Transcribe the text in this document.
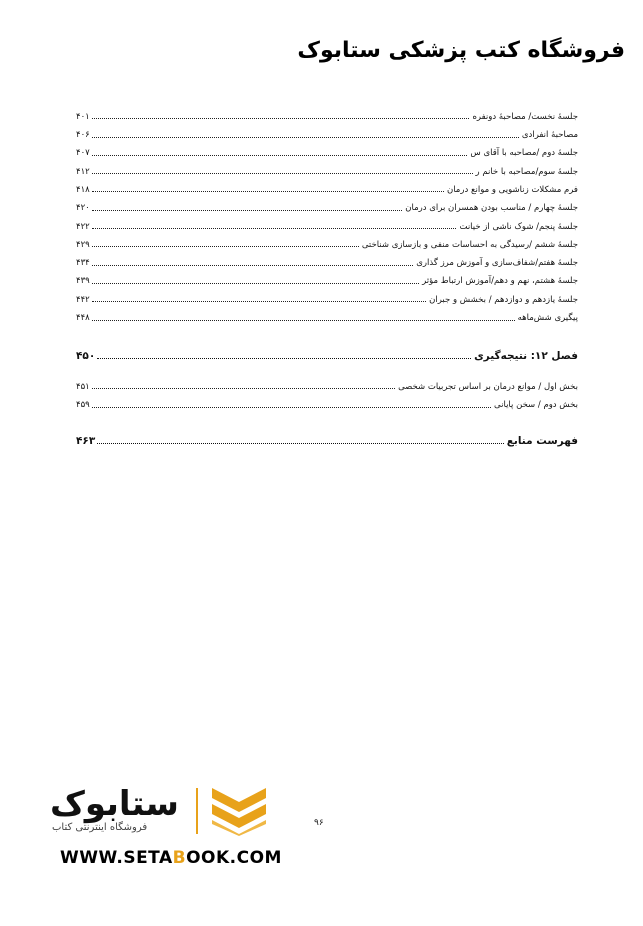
فروشگاه کتب پزشکی ستابوک
جلسهٔ نخست/ مصاحبهٔ دونفره
۴۰۱
مصاحبهٔ انفرادی
۴۰۶
جلسهٔ دوم /مصاحبه با آقای س
۴۰۷
جلسهٔ سوم/مصاحبه با خانم ر
۴۱۲
فرم مشکلات زناشویی و موانع درمان
۴۱۸
جلسهٔ چهارم / مناسب بودن همسران برای درمان
۴۲۰
جلسهٔ پنجم/ شوک ناشی از خیانت
۴۲۲
جلسهٔ ششم /رسیدگی به احساسات منفی و بازسازی شناختی
۴۲۹
جلسهٔ هفتم/شفاف‌سازی و آموزش مرز گذاری
۴۳۴
جلسهٔ هشتم، نهم و دهم/آموزش ارتباط مؤثر
۴۳۹
جلسهٔ یازدهم و دوازدهم / بخشش و جبران
۴۴۲
پیگیری شش‌ماهه
۴۴۸
فصل ۱۲: نتیجه‌گیری
۴۵۰
بخش اول / موانع درمان بر اساس تجربیات شخصی
۴۵۱
بخش دوم / سخن پایانی
۴۵۹
فهرست منابع
۴۶۳
ستابوک
فروشگاه اینترنتی کتاب
WWW.SETABOOK.COM
۹۶
